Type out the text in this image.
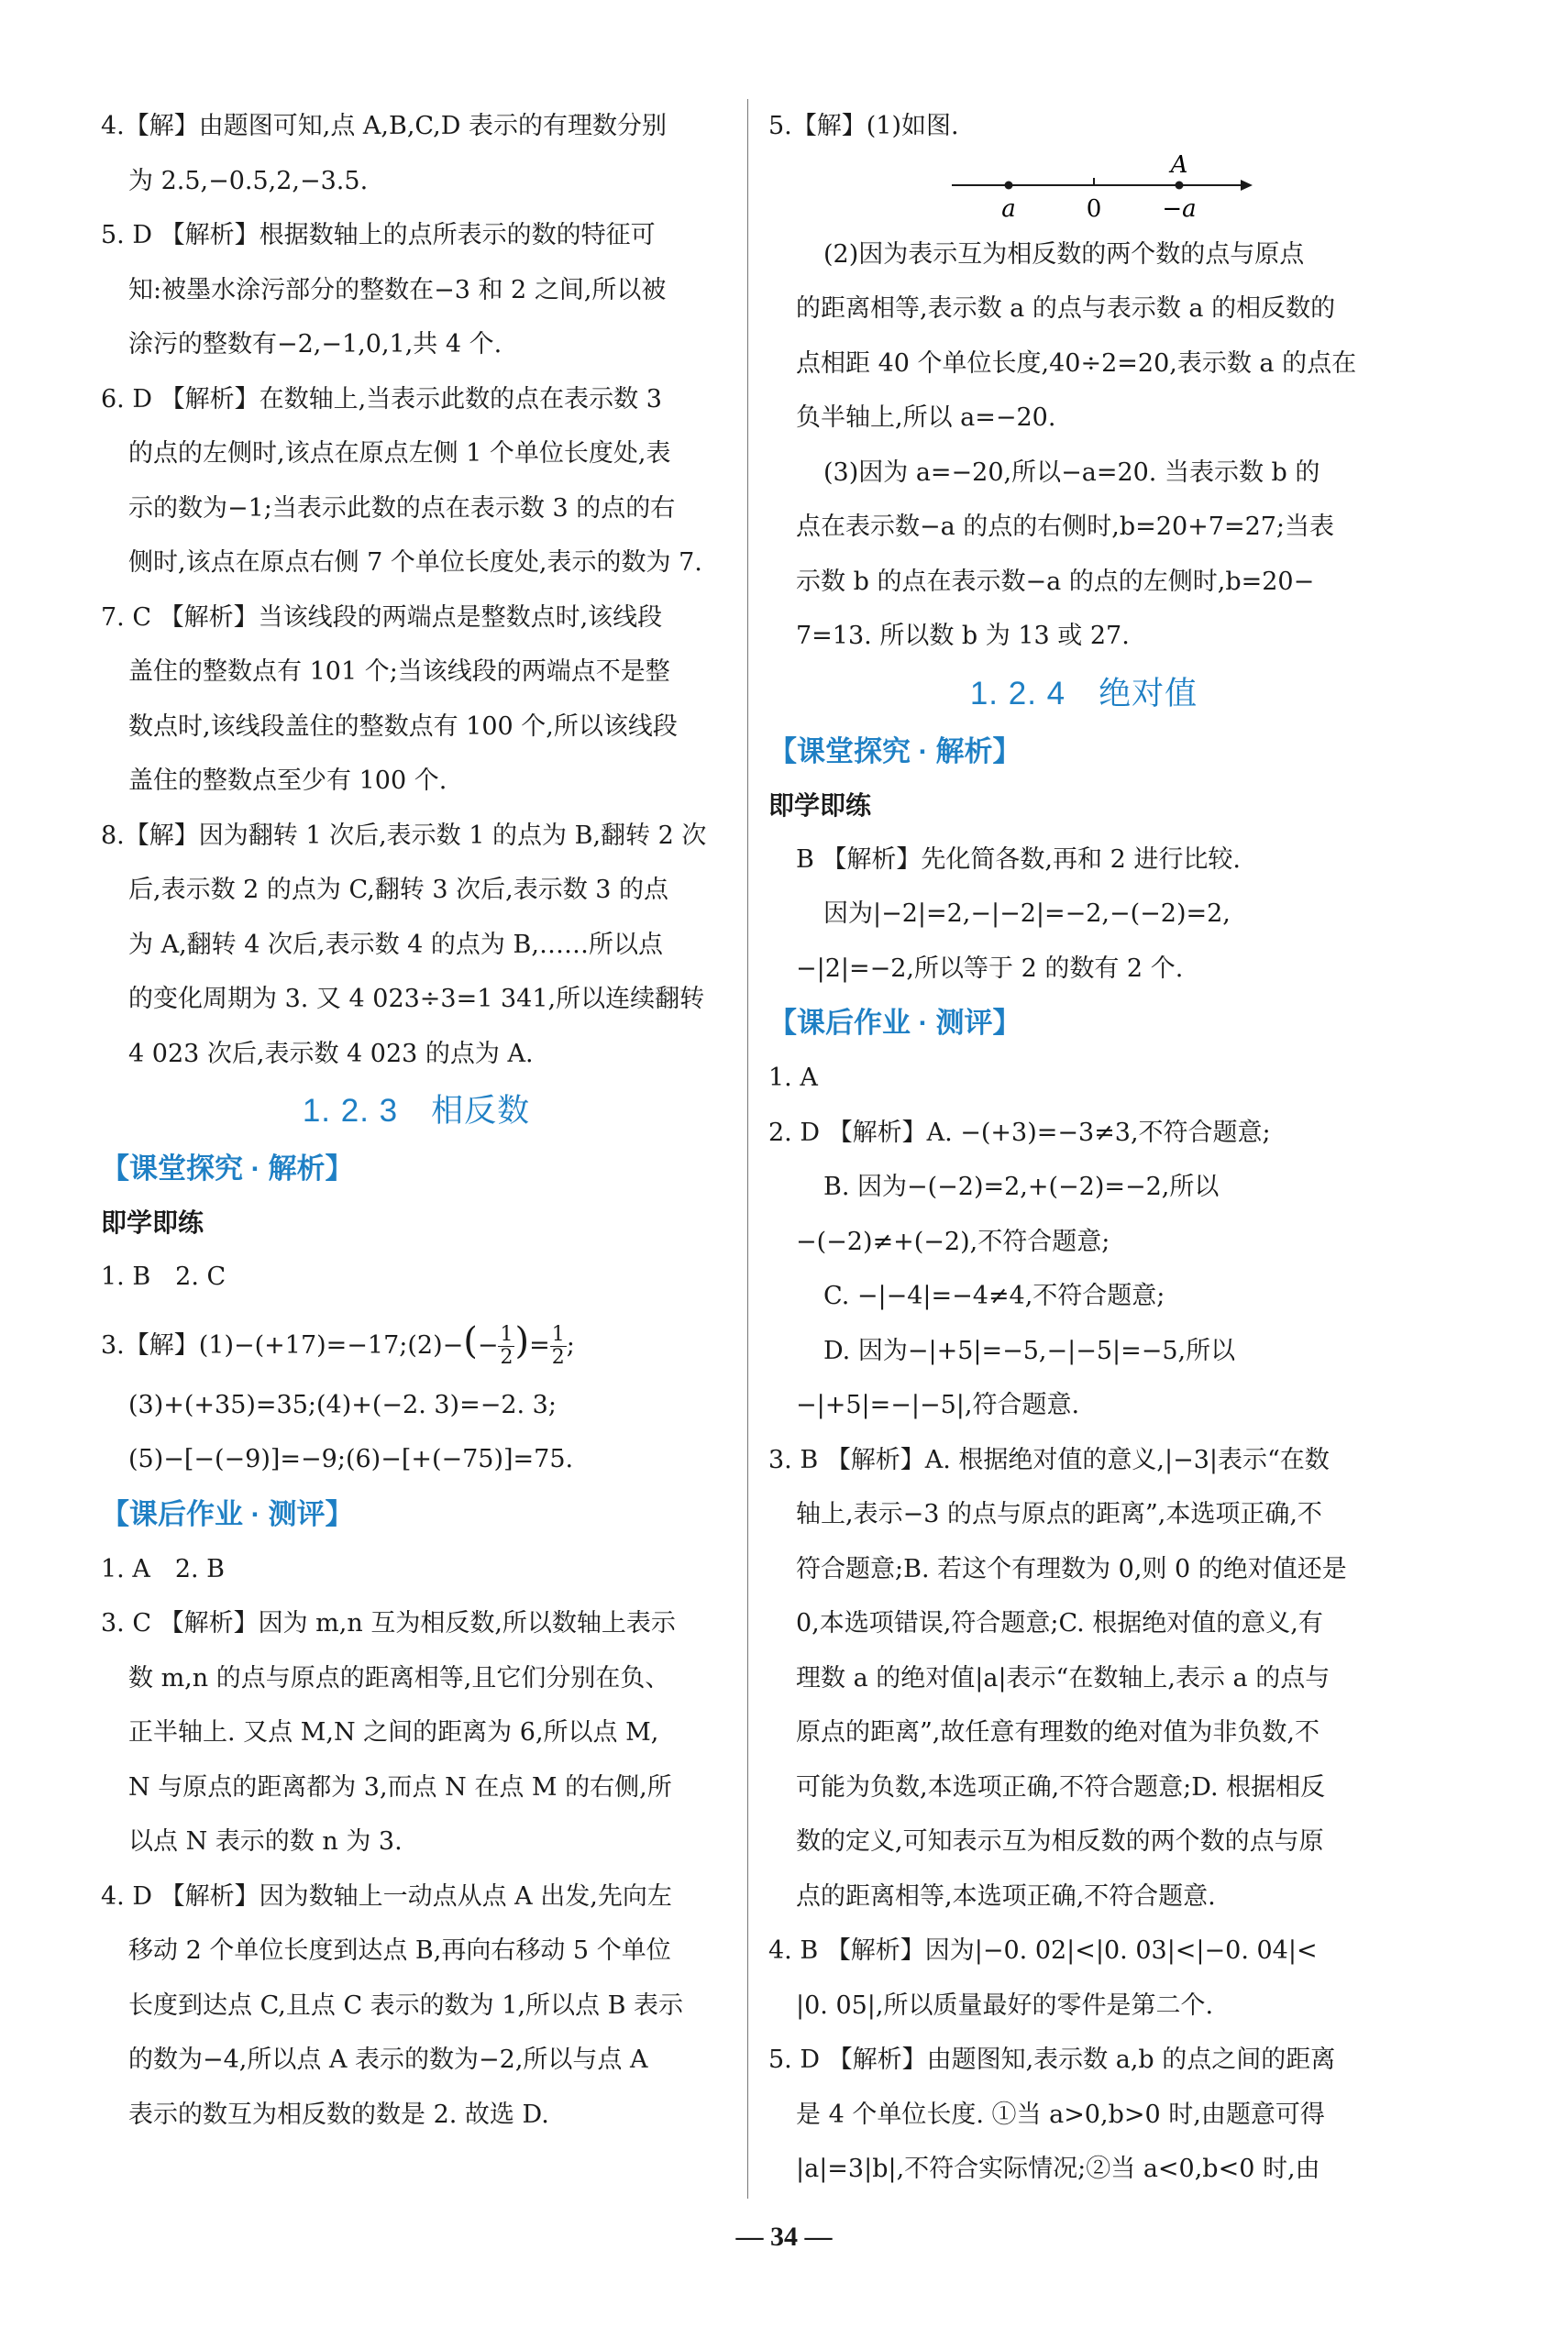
4.【解】由题图可知,点 A,B,C,D 表示的有理数分别
为 2.5,−0.5,2,−3.5.
5. D 【解析】根据数轴上的点所表示的数的特征可
知:被墨水涂污部分的整数在−3 和 2 之间,所以被
涂污的整数有−2,−1,0,1,共 4 个.
6. D 【解析】在数轴上,当表示此数的点在表示数 3
的点的左侧时,该点在原点左侧 1 个单位长度处,表
示的数为−1;当表示此数的点在表示数 3 的点的右
侧时,该点在原点右侧 7 个单位长度处,表示的数为 7.
7. C 【解析】当该线段的两端点是整数点时,该线段
盖住的整数点有 101 个;当该线段的两端点不是整
数点时,该线段盖住的整数点有 100 个,所以该线段
盖住的整数点至少有 100 个.
8.【解】因为翻转 1 次后,表示数 1 的点为 B,翻转 2 次
后,表示数 2 的点为 C,翻转 3 次后,表示数 3 的点
为 A,翻转 4 次后,表示数 4 的点为 B,……所以点
的变化周期为 3. 又 4 023÷3=1 341,所以连续翻转
4 023 次后,表示数 4 023 的点为 A.
1. 2. 3　相反数
【课堂探究 · 解析】
即学即练
1. B　2. C
3.【解】(1)−(+17)=−17;(2)−(− $\frac{1}{2}$ )= $\frac{1}{2}$ ;
(3)+(+35)=35;(4)+(−2. 3)=−2. 3;
(5)−[−(−9)]=−9;(6)−[+(−75)]=75.
【课后作业 · 测评】
1. A　2. B
3. C 【解析】因为 m,n 互为相反数,所以数轴上表示
数 m,n 的点与原点的距离相等,且它们分别在负、
正半轴上. 又点 M,N 之间的距离为 6,所以点 M,
N 与原点的距离都为 3,而点 N 在点 M 的右侧,所
以点 N 表示的数 n 为 3.
4. D 【解析】因为数轴上一动点从点 A 出发,先向左
移动 2 个单位长度到达点 B,再向右移动 5 个单位
长度到达点 C,且点 C 表示的数为 1,所以点 B 表示
的数为−4,所以点 A 表示的数为−2,所以与点 A
表示的数互为相反数的数是 2. 故选 D.
5.【解】(1)如图.
a	0	−a
A
(2)因为表示互为相反数的两个数的点与原点
的距离相等,表示数 a 的点与表示数 a 的相反数的
点相距 40 个单位长度,40÷2=20,表示数 a 的点在
负半轴上,所以 a=−20.
(3)因为 a=−20,所以−a=20. 当表示数 b 的
点在表示数−a 的点的右侧时,b=20+7=27;当表
示数 b 的点在表示数−a 的点的左侧时,b=20−
7=13. 所以数 b 为 13 或 27.
1. 2. 4　绝对值
【课堂探究 · 解析】
即学即练
B 【解析】先化简各数,再和 2 进行比较.
因为|−2|=2,−|−2|=−2,−(−2)=2,
−|2|=−2,所以等于 2 的数有 2 个.
【课后作业 · 测评】
1. A
2. D 【解析】A. −(+3)=−3≠3,不符合题意;
B. 因为−(−2)=2,+(−2)=−2,所以
−(−2)≠+(−2),不符合题意;
C. −|−4|=−4≠4,不符合题意;
D. 因为−|+5|=−5,−|−5|=−5,所以
−|+5|=−|−5|,符合题意.
3. B 【解析】A. 根据绝对值的意义,|−3|表示“在数
轴上,表示−3 的点与原点的距离”,本选项正确,不
符合题意;B. 若这个有理数为 0,则 0 的绝对值还是
0,本选项错误,符合题意;C. 根据绝对值的意义,有
理数 a 的绝对值|a|表示“在数轴上,表示 a 的点与
原点的距离”,故任意有理数的绝对值为非负数,不
可能为负数,本选项正确,不符合题意;D. 根据相反
数的定义,可知表示互为相反数的两个数的点与原
点的距离相等,本选项正确,不符合题意.
4. B 【解析】因为|−0. 02|<|0. 03|<|−0. 04|<
|0. 05|,所以质量最好的零件是第二个.
5. D 【解析】由题图知,表示数 a,b 的点之间的距离
是 4 个单位长度. ①当 a>0,b>0 时,由题意可得
|a|=3|b|,不符合实际情况;②当 a<0,b<0 时,由
— 34 —
